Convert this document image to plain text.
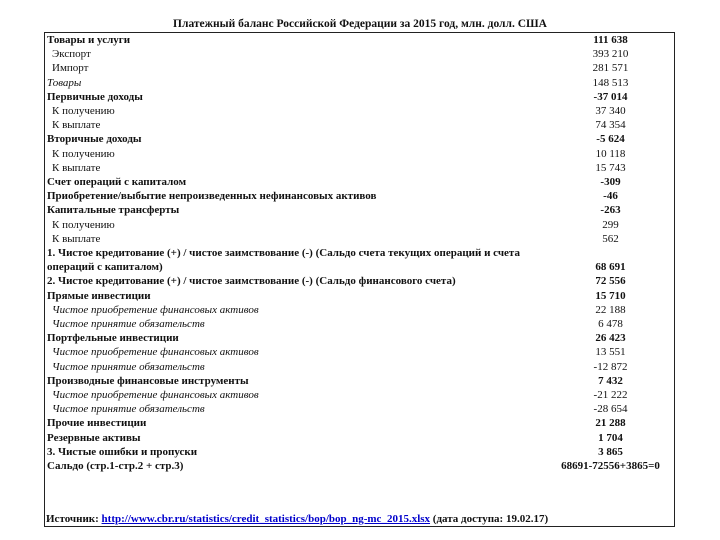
Платежный баланс Российской Федерации за 2015 год, млн. долл. США
Товары и услуги	111 638
Экспорт	393 210
Импорт	281 571
Товары	148 513
Первичные доходы	-37 014
К получению	37 340
К выплате	74 354
Вторичные доходы	-5 624
К получению	10 118
К выплате	15 743
Счет операций с капиталом	-309
Приобретение/выбытие непроизведенных нефинансовых активов	-46
Капитальные трансферты	-263
К получению	299
К выплате	562
1. Чистое кредитование (+) / чистое заимствование (-) (Сальдо счета текущих операций и счета операций с капиталом)	68 691
2. Чистое кредитование (+) / чистое заимствование (-) (Сальдо финансового счета)	72 556
Прямые инвестиции	15 710
Чистое приобретение финансовых активов	22 188
Чистое принятие обязательств	6 478
Портфельные инвестиции	26 423
Чистое приобретение финансовых активов	13 551
Чистое принятие обязательств	-12 872
Производные финансовые инструменты	7 432
Чистое приобретение финансовых активов	-21 222
Чистое принятие обязательств	-28 654
Прочие инвестиции	21 288
Резервные активы	1 704
3. Чистые ошибки и пропуски	3 865
Сальдо (стр.1-стр.2 + стр.3)	68691-72556+3865=0
Источник: http://www.cbr.ru/statistics/credit_statistics/bop/bop_ng-mc_2015.xlsx (дата доступа: 19.02.17)
